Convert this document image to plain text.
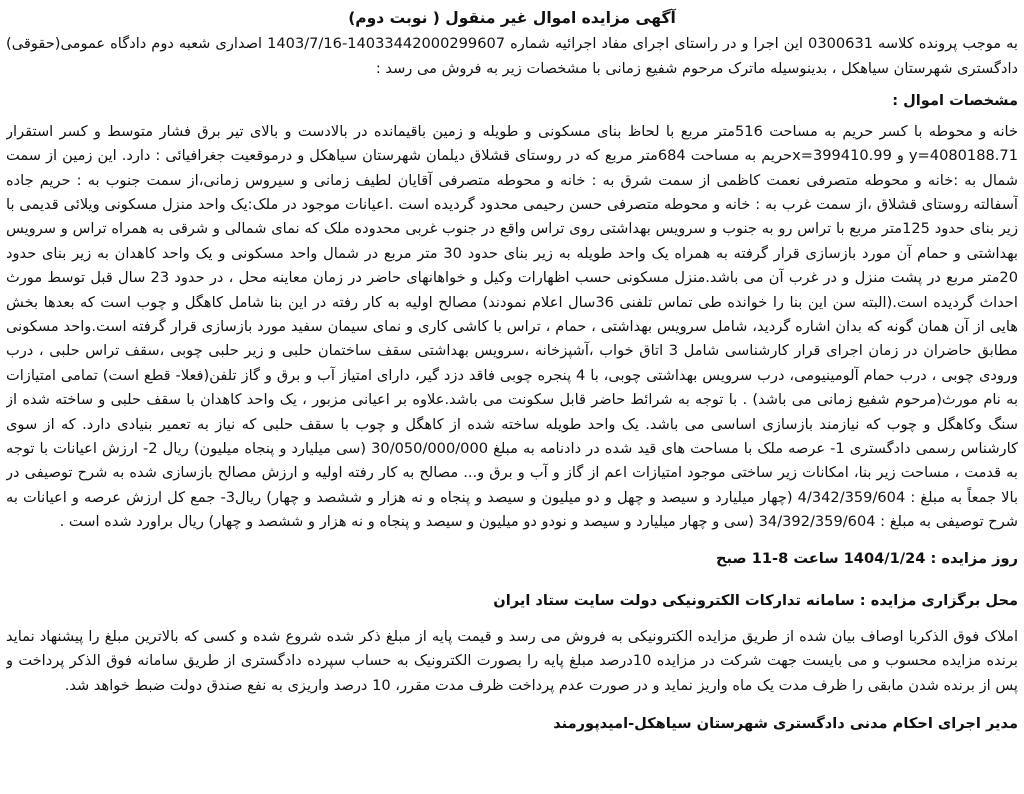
آگهی مزایده اموال غیر منقول ( نوبت دوم)

به موجب پرونده کلاسه 0300631 این اجرا و در راستای اجرای مفاد اجرائیه شماره 14033442000299607-1403/7/16 اصداری شعبه دوم دادگاه عمومی(حقوقی) دادگستری شهرستان سیاهکل ، بدینوسیله ماترک مرحوم شفیع زمانی با مشخصات زیر به فروش می رسد :

مشخصات اموال :

خانه و محوطه با کسر حریم به مساحت 516متر مربع با لحاظ بنای مسکونی و طویله و زمین باقیمانده در بالادست و بالای تیر برق فشار متوسط و کسر استقرار y=4080188.71 و x=399410.99حریم به مساحت 684متر مربع که در روستای قشلاق دیلمان شهرستان سیاهکل و درموقعیت جغرافیائی : دارد. این زمین از سمت شمال به :خانه و محوطه متصرفی نعمت کاظمی از سمت شرق به : خانه و محوطه متصرفی آقایان لطیف زمانی و سیروس زمانی،از سمت جنوب به : حریم جاده آسفالته روستای قشلاق ،از سمت غرب به : خانه و محوطه متصرفی حسن رحیمی محدود گردیده است .اعیانات موجود در ملک:یک واحد منزل مسکونی ویلائی قدیمی با زیر بنای حدود 125متر مربع با تراس رو به جنوب و سرویس بهداشتی روی تراس واقع در جنوب غربی محدوده ملک که نمای شمالی و شرقی به همراه تراس و سرویس بهداشتی و حمام آن مورد بازسازی قرار گرفته به همراه یک واحد طویله به زیر بنای حدود 30 متر مربع در شمال واحد مسکونی و یک واحد کاهدان به زیر بنای حدود 20متر مربع در پشت منزل و در غرب آن می باشد.منزل مسکونی حسب اظهارات وکیل و خواهانهای حاضر در زمان معاینه محل ، در حدود 23 سال قبل توسط مورث احداث گردیده است.(البته سن این بنا را خوانده طی تماس تلفنی 36سال اعلام نمودند) مصالح اولیه به کار رفته در این بنا شامل کاهگل و چوب است که بعدها بخش هایی از آن همان گونه که بدان اشاره گردید، شامل سرویس بهداشتی ، حمام ، تراس با کاشی کاری و نمای سیمان سفید مورد بازسازی قرار گرفته است.واحد مسکونی مطابق حاضران در زمان اجرای قرار کارشناسی شامل 3 اتاق خواب ،آشپزخانه ،سرویس بهداشتی سقف ساختمان حلبی و زیر حلبی چوبی ،سقف تراس حلبی ، درب ورودی چوبی ، درب حمام آلومینیومی، درب سرویس بهداشتی چوبی، با 4 پنجره چوبی فاقد دزد گیر، دارای امتیاز آب و برق و گاز تلفن(فعلا- قطع است) تمامی امتیازات به نام مورث(مرحوم شفیع زمانی می باشد) . با توجه به شرائط حاضر قابل سکونت می باشد.علاوه بر اعیانی مزبور ، یک واحد کاهدان با سقف حلبی و ساخته شده از سنگ وکاهگل و چوب که نیازمند بازسازی اساسی می باشد. یک واحد طویله ساخته شده از کاهگل و چوب با سقف حلبی که نیاز به تعمیر بنیادی دارد. که از سوی کارشناس رسمی دادگستری 1- عرصه ملک با مساحت های قید شده در دادنامه به مبلغ 30/050/000/000 (سی میلیارد و پنجاه میلیون) ریال 2- ارزش اعیانات با توجه به قدمت ، مساحت زیر بنا، امکانات زیر ساختی موجود امتیازات اعم از گاز و آب و برق و... مصالح به کار رفته اولیه و ارزش مصالح بازسازی شده به شرح توصیفی در بالا جمعاً به مبلغ : 4/342/359/604 (چهار میلیارد و سیصد و چهل و دو میلیون و سیصد و پنجاه و نه هزار و ششصد و چهار) ریال3- جمع کل ارزش عرصه و اعیانات به شرح توصیفی به مبلغ : 34/392/359/604 (سی و چهار میلیارد و سیصد و نودو دو میلیون و سیصد و پنجاه و نه هزار و ششصد و چهار) ریال براورد شده است .

روز مزایده : 1404/1/24 ساعت 8-11 صبح
محل برگزاری مزایده : سامانه تدارکات الکترونیکی دولت سایت ستاد ایران

املاک فوق الذکربا اوصاف بیان شده از طریق مزایده الکترونیکی به فروش می رسد و قیمت پایه از مبلغ ذکر شده شروع شده و کسی که بالاترین مبلغ را پیشنهاد نماید برنده مزایده محسوب و می بایست جهت شرکت در مزایده 10درصد مبلغ پایه را بصورت الکترونیک به حساب سپرده دادگستری از طریق سامانه فوق الذکر پرداخت و پس از برنده شدن مابقی را ظرف مدت یک ماه واریز نماید و در صورت عدم پرداخت ظرف مدت مقرر، 10 درصد واریزی به نفع صندق دولت ضبط خواهد شد.

مدیر اجرای احکام مدنی دادگستری شهرستان سیاهکل-امیدپورمند
